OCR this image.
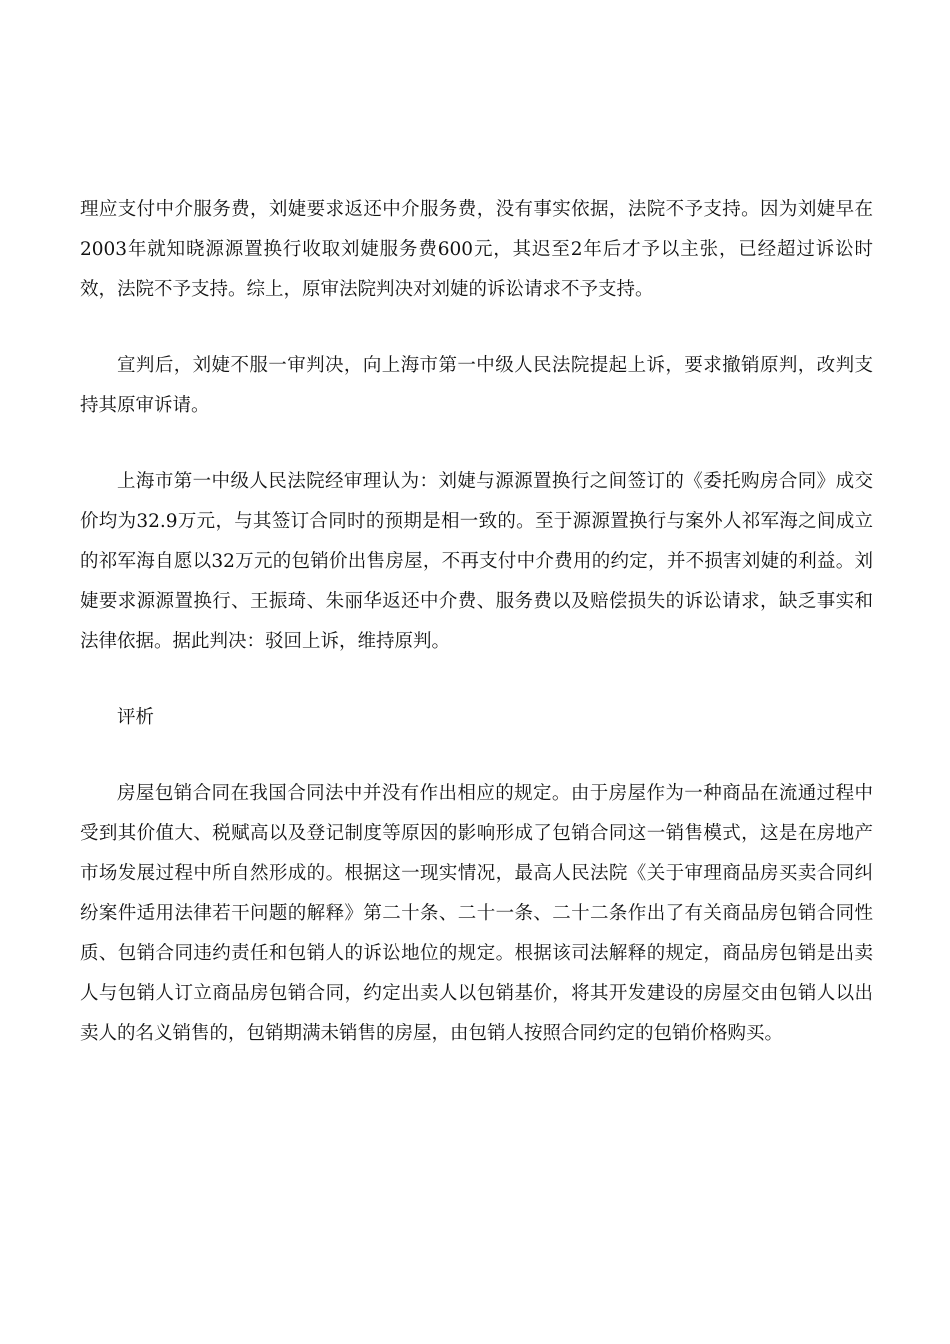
理应支付中介服务费，刘婕要求返还中介服务费，没有事实依据，法院不予支持。因为刘婕早在2003年就知晓源源置换行收取刘婕服务费600元，其迟至2年后才予以主张，已经超过诉讼时效，法院不予支持。综上，原审法院判决对刘婕的诉讼请求不予支持。

宣判后，刘婕不服一审判决，向上海市第一中级人民法院提起上诉，要求撤销原判，改判支持其原审诉请。

上海市第一中级人民法院经审理认为：刘婕与源源置换行之间签订的《委托购房合同》成交价均为32.9万元，与其签订合同时的预期是相一致的。至于源源置换行与案外人祁军海之间成立的祁军海自愿以32万元的包销价出售房屋，不再支付中介费用的约定，并不损害刘婕的利益。刘婕要求源源置换行、王振琦、朱丽华返还中介费、服务费以及赔偿损失的诉讼请求，缺乏事实和法律依据。据此判决：驳回上诉，维持原判。

评析

房屋包销合同在我国合同法中并没有作出相应的规定。由于房屋作为一种商品在流通过程中受到其价值大、税赋高以及登记制度等原因的影响形成了包销合同这一销售模式，这是在房地产市场发展过程中所自然形成的。根据这一现实情况，最高人民法院《关于审理商品房买卖合同纠纷案件适用法律若干问题的解释》第二十条、二十一条、二十二条作出了有关商品房包销合同性质、包销合同违约责任和包销人的诉讼地位的规定。根据该司法解释的规定，商品房包销是出卖人与包销人订立商品房包销合同，约定出卖人以包销基价，将其开发建设的房屋交由包销人以出卖人的名义销售的，包销期满未销售的房屋，由包销人按照合同约定的包销价格购买。
